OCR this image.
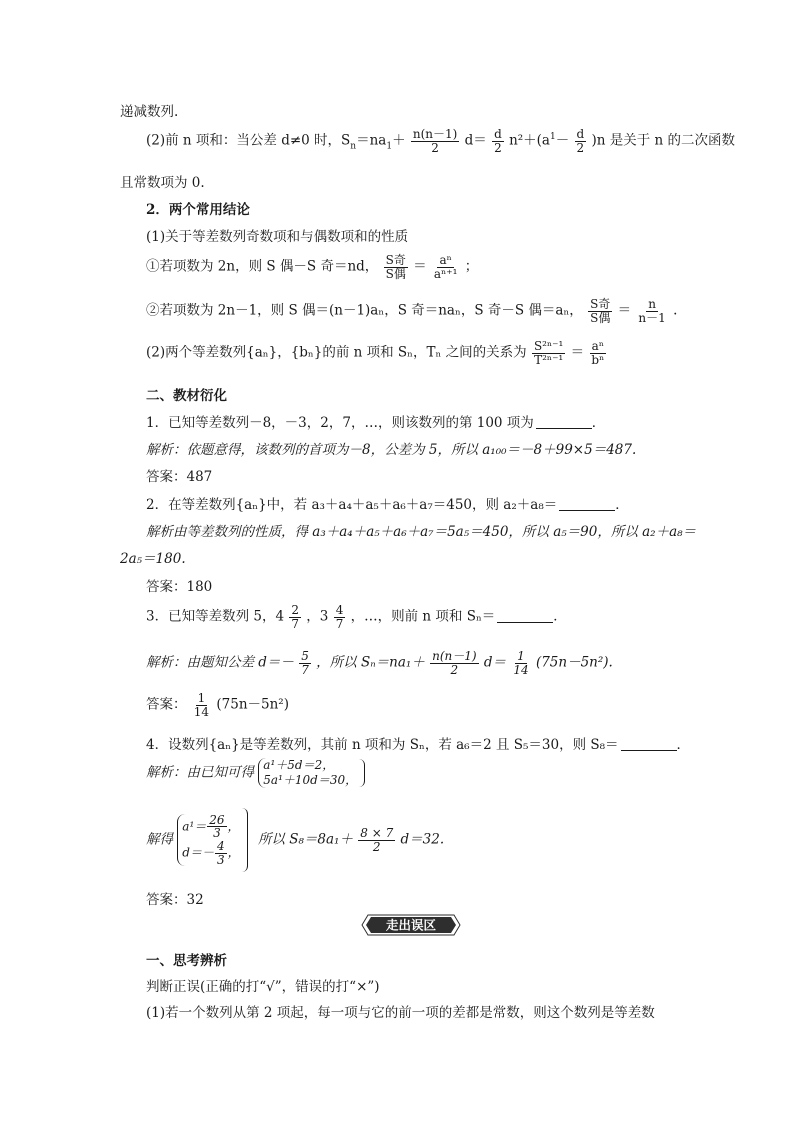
递减数列.
(2)前 n 项和：当公差 d≠0 时，$S_n=na_1+ \frac{n(n-1)}{2} d= \frac{d}{2} n^2+(a^1- \frac{d}{2} )n$ 是关于 n 的二次函数
且常数项为 0.
2．两个常用结论
(1)关于等差数列奇数项和与偶数项和的性质
①若项数为 2n，则 S 偶－S 奇＝nd， $\frac{\text{S奇}}{\text{S偶}} = \frac{\text{aⁿ}}{\text{aⁿ⁺¹}}$ ；
②若项数为 2n－1，则 S 偶＝(n－1)aₙ，S 奇＝naₙ，S 奇－S 偶＝aₙ， $\frac{\text{S奇}}{\text{S偶}} = \frac{n}{n-1}$ .
(2)两个等差数列{aₙ}，{bₙ}的前 n 项和 Sₙ，Tₙ 之间的关系为 $\frac{\text{S²ⁿ⁻¹}}{\text{T²ⁿ⁻¹}} = \frac{\text{aⁿ}}{\text{bⁿ}}$
二、教材衍化
1．已知等差数列－8，－3，2，7，…，则该数列的第 100 项为	．
解析：依题意得，该数列的首项为－8，公差为 5，所以 a₁₀₀＝－8＋99×5＝487.
答案：487
2．在等差数列{aₙ}中，若 a₃＋a₄＋a₅＋a₆＋a₇＝450，则 a₂＋a₈＝	．
解析由等差数列的性质，得 a₃＋a₄＋a₅＋a₆＋a₇＝5a₅＝450，所以 a₅＝90，所以 a₂＋a₈＝
2a₅＝180.
答案：180
3．已知等差数列 5，$4 \frac{2}{7}$ ，$3 \frac{4}{7}$ ，…，则前 n 项和 Sₙ＝	．
解析：由题知公差 $d=- \frac{5}{7}$ ，所以 $S_n=na_1+ \frac{n(n-1)}{2} d= \frac{1}{14} (75n-5n^2)$.
答案： $\frac{1}{14} (75n-5n^2)$
4．设数列{aₙ}是等差数列，其前 n 项和为 Sₙ，若 a₆＝2 且 S₅＝30，则 S₈＝	．
解析：由已知可得 a¹＋5d＝2，
5a¹＋10d＝30，
解得
$a^1= \frac{26}{3}$ ，
$d=- \frac{4}{3}$ ，
所以 $S_8=8a_1+ \frac{8 \times 7}{2} d=32$.
答案：32
走出误区
一、思考辨析
判断正误(正确的打“√”，错误的打“×”)
(1)若一个数列从第 2 项起，每一项与它的前一项的差都是常数，则这个数列是等差数
